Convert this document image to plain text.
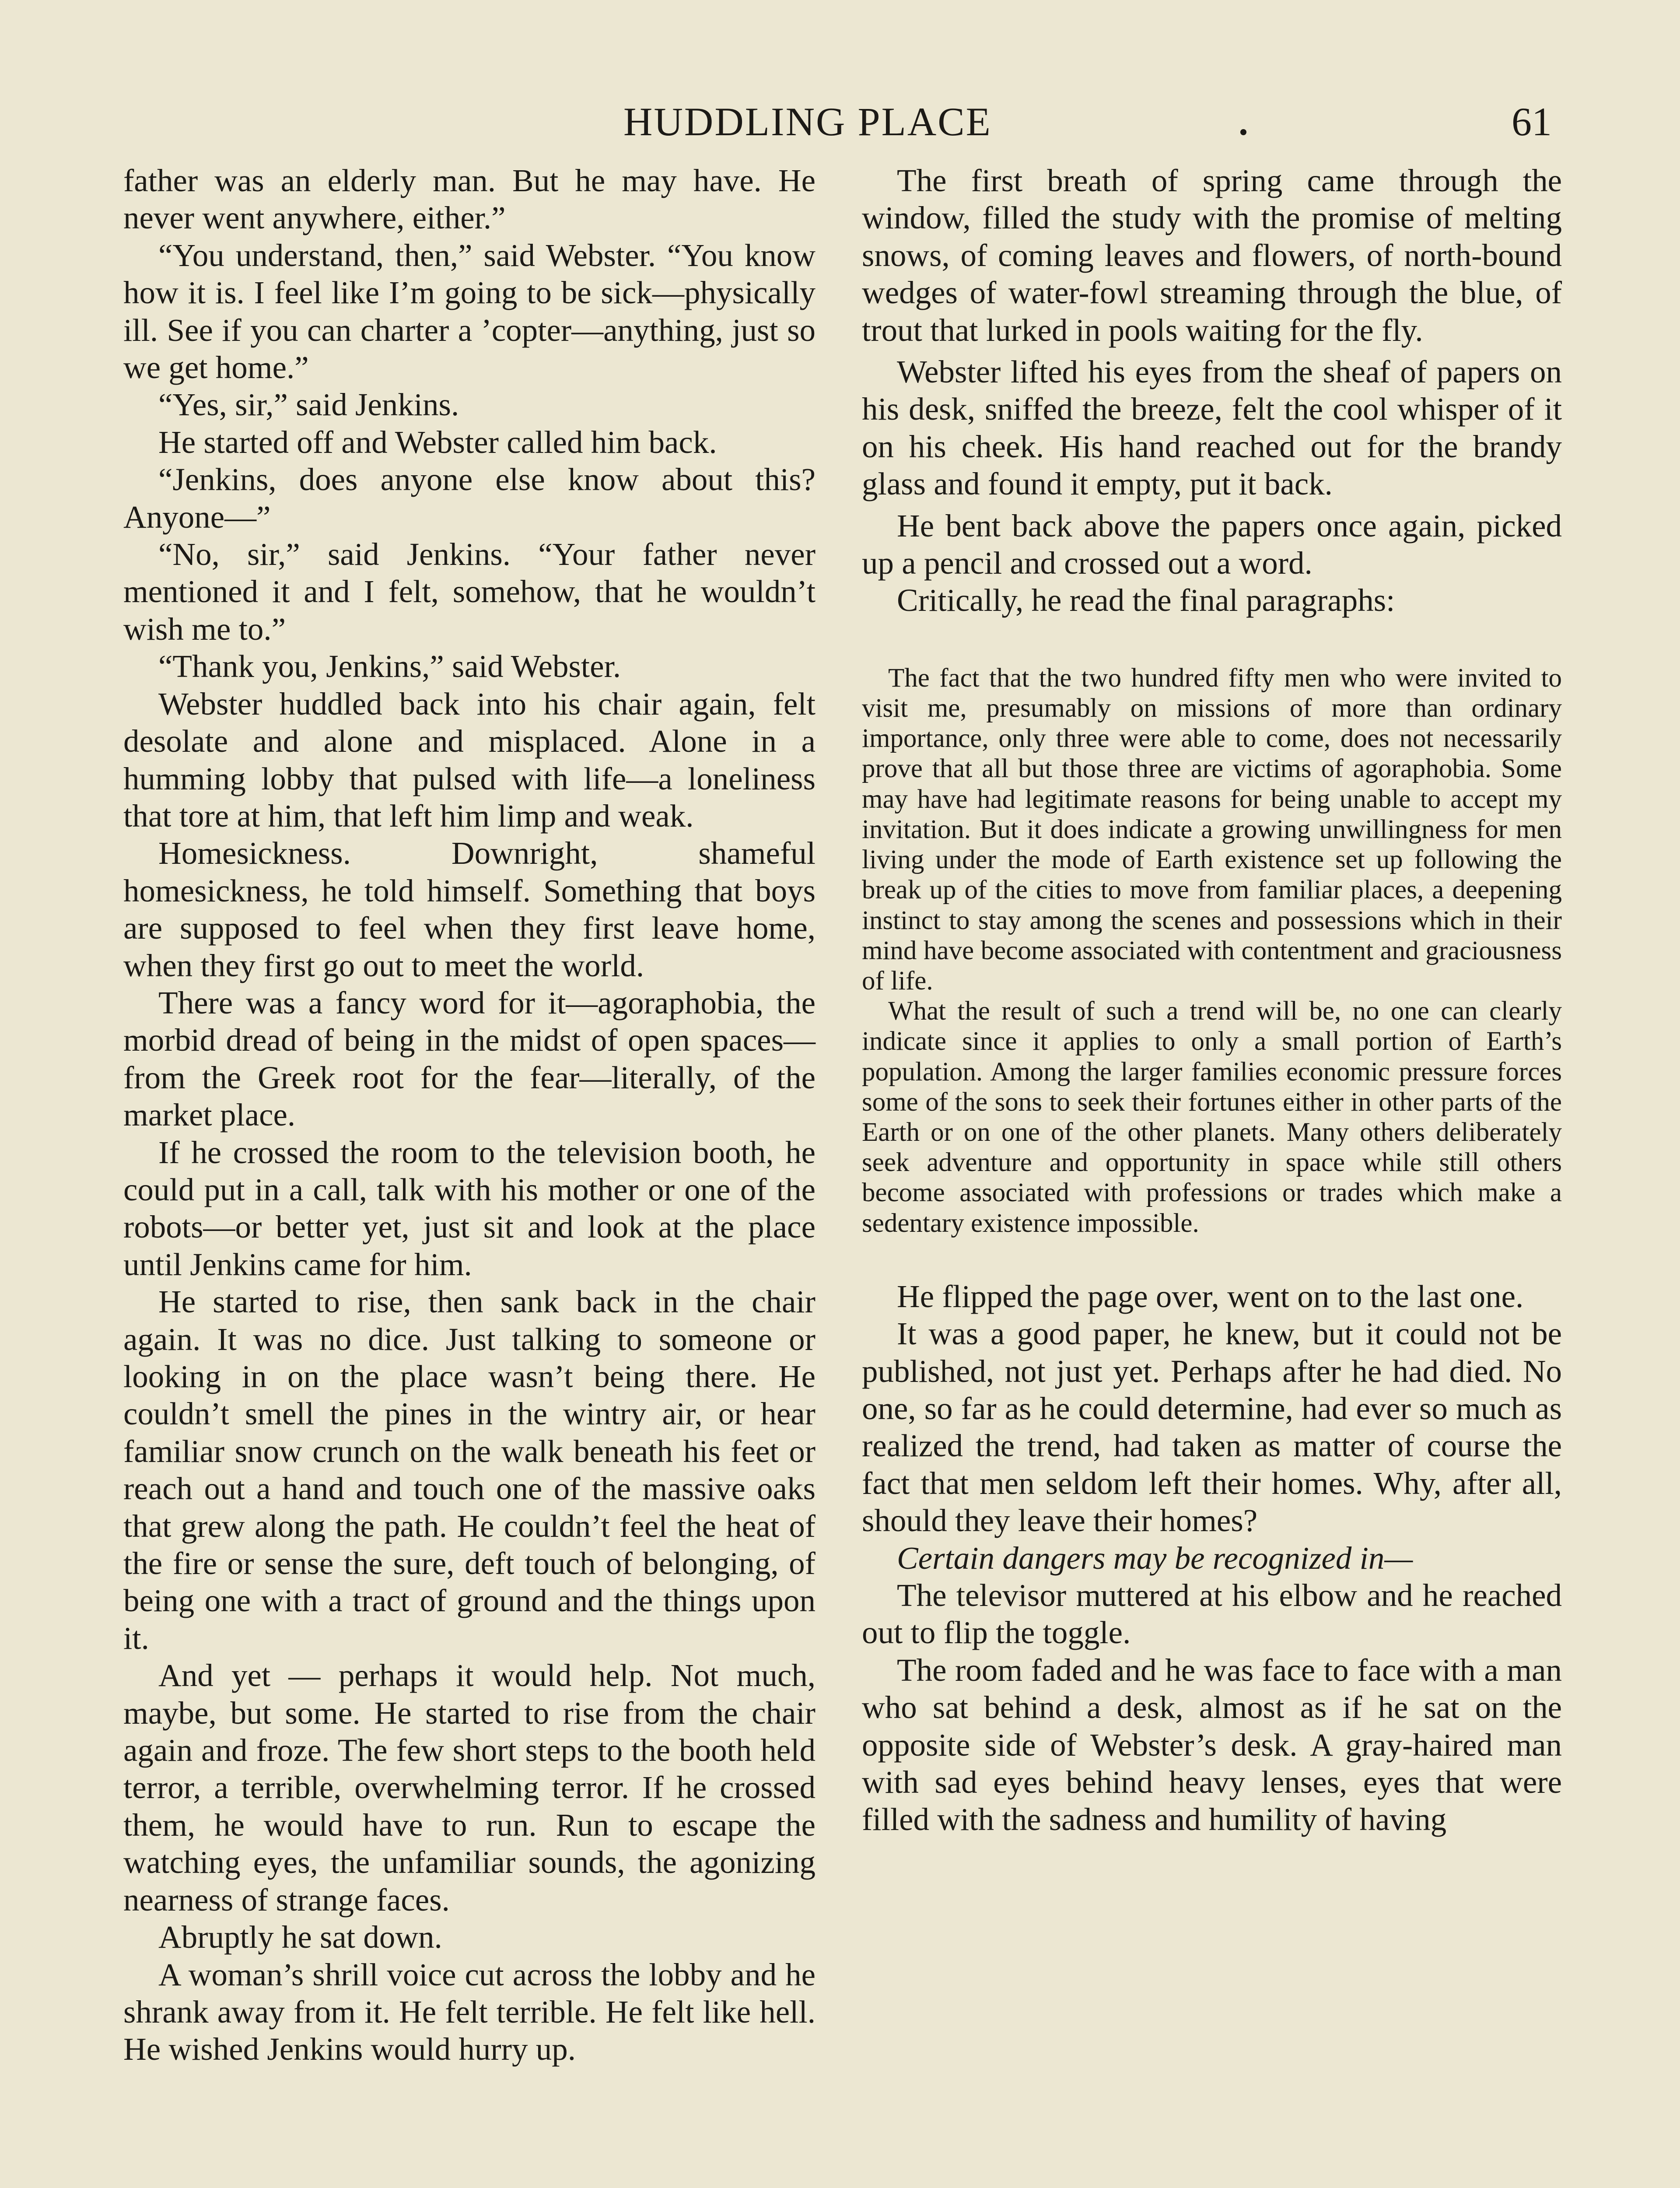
HUDDLING PLACE	61

father was an elderly man. But he may have. He never went anywhere, either.”

“You understand, then,” said Webster. “You know how it is. I feel like I’m going to be sick—physically ill. See if you can charter a ’copter—anything, just so we get home.”

“Yes, sir,” said Jenkins.

He started off and Webster called him back.

“Jenkins, does anyone else know about this? Anyone—”

“No, sir,” said Jenkins. “Your father never mentioned it and I felt, somehow, that he wouldn’t wish me to.”

“Thank you, Jenkins,” said Webster.

Webster huddled back into his chair again, felt desolate and alone and misplaced. Alone in a humming lobby that pulsed with life—a loneliness that tore at him, that left him limp and weak.

Homesickness. Downright, shameful homesickness, he told himself. Something that boys are supposed to feel when they first leave home, when they first go out to meet the world.

There was a fancy word for it—agoraphobia, the morbid dread of being in the midst of open spaces—from the Greek root for the fear—literally, of the market place.

If he crossed the room to the television booth, he could put in a call, talk with his mother or one of the robots—or better yet, just sit and look at the place until Jenkins came for him.

He started to rise, then sank back in the chair again. It was no dice. Just talking to someone or looking in on the place wasn’t being there. He couldn’t smell the pines in the wintry air, or hear familiar snow crunch on the walk beneath his feet or reach out a hand and touch one of the massive oaks that grew along the path. He couldn’t feel the heat of the fire or sense the sure, deft touch of belonging, of being one with a tract of ground and the things upon it.

And yet — perhaps it would help. Not much, maybe, but some. He started to rise from the chair again and froze. The few short steps to the booth held terror, a terrible, overwhelming terror. If he crossed them, he would have to run. Run to escape the watching eyes, the unfamiliar sounds, the agonizing nearness of strange faces.

Abruptly he sat down.

A woman’s shrill voice cut across the lobby and he shrank away from it. He felt terrible. He felt like hell. He wished Jenkins would hurry up.

The first breath of spring came through the window, filled the study with the promise of melting snows, of coming leaves and flowers, of north-bound wedges of water-fowl streaming through the blue, of trout that lurked in pools waiting for the fly.

Webster lifted his eyes from the sheaf of papers on his desk, sniffed the breeze, felt the cool whisper of it on his cheek. His hand reached out for the brandy glass and found it empty, put it back.

He bent back above the papers once again, picked up a pencil and crossed out a word.

Critically, he read the final paragraphs:

The fact that the two hundred fifty men who were invited to visit me, presumably on missions of more than ordinary importance, only three were able to come, does not necessarily prove that all but those three are victims of agoraphobia. Some may have had legitimate reasons for being unable to accept my invitation. But it does indicate a growing unwillingness for men living under the mode of Earth existence set up following the break up of the cities to move from familiar places, a deepening instinct to stay among the scenes and possessions which in their mind have become associated with contentment and graciousness of life.

What the result of such a trend will be, no one can clearly indicate since it applies to only a small portion of Earth’s population. Among the larger families economic pressure forces some of the sons to seek their fortunes either in other parts of the Earth or on one of the other planets. Many others deliberately seek adventure and opportunity in space while still others become associated with professions or trades which make a sedentary existence impossible.

He flipped the page over, went on to the last one.

It was a good paper, he knew, but it could not be published, not just yet. Perhaps after he had died. No one, so far as he could determine, had ever so much as realized the trend, had taken as matter of course the fact that men seldom left their homes. Why, after all, should they leave their homes?

Certain dangers may be recognized in—

The televisor muttered at his elbow and he reached out to flip the toggle.

The room faded and he was face to face with a man who sat behind a desk, almost as if he sat on the opposite side of Webster’s desk. A gray-haired man with sad eyes behind heavy lenses, eyes that were filled with the sadness and humility of having
